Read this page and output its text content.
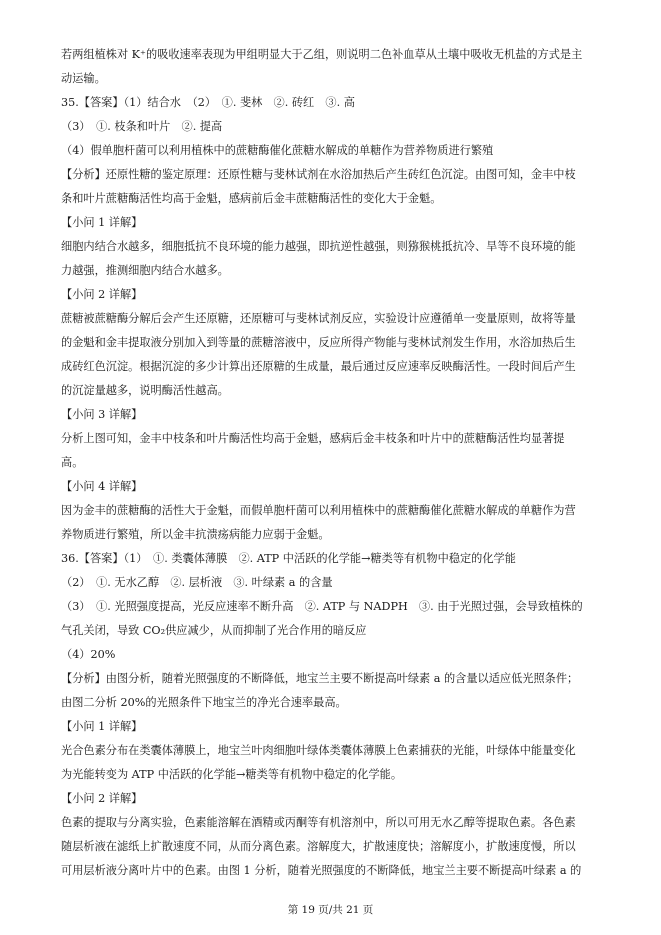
若两组植株对 K⁺的吸收速率表现为甲组明显大于乙组，则说明二色补血草从土壤中吸收无机盐的方式是主
动运输。
35.【答案】（1）结合水　（2）　①. 斐林　②. 砖红　③. 高
（3）　①. 枝条和叶片　②. 提高
（4）假单胞杆菌可以利用植株中的蔗糖酶催化蔗糖水解成的单糖作为营养物质进行繁殖
【分析】还原性糖的鉴定原理：还原性糖与斐林试剂在水浴加热后产生砖红色沉淀。由图可知，金丰中枝
条和叶片蔗糖酶活性均高于金魁，感病前后金丰蔗糖酶活性的变化大于金魁。
【小问 1 详解】
细胞内结合水越多，细胞抵抗不良环境的能力越强，即抗逆性越强，则猕猴桃抵抗冷、旱等不良环境的能
力越强，推测细胞内结合水越多。
【小问 2 详解】
蔗糖被蔗糖酶分解后会产生还原糖，还原糖可与斐林试剂反应，实验设计应遵循单一变量原则，故将等量
的金魁和金丰提取液分别加入到等量的蔗糖溶液中，反应所得产物能与斐林试剂发生作用，水浴加热后生
成砖红色沉淀。根据沉淀的多少计算出还原糖的生成量，最后通过反应速率反映酶活性。一段时间后产生
的沉淀量越多，说明酶活性越高。
【小问 3 详解】
分析上图可知，金丰中枝条和叶片酶活性均高于金魁，感病后金丰枝条和叶片中的蔗糖酶活性均显著提
高。
【小问 4 详解】
因为金丰的蔗糖酶的活性大于金魁，而假单胞杆菌可以利用植株中的蔗糖酶催化蔗糖水解成的单糖作为营
养物质进行繁殖，所以金丰抗溃疡病能力应弱于金魁。
36.【答案】（1）　①. 类囊体薄膜　②. ATP 中活跃的化学能→糖类等有机物中稳定的化学能
（2）　①. 无水乙醇　②. 层析液　③. 叶绿素 a 的含量
（3）　①. 光照强度提高，光反应速率不断升高　②. ATP 与 NADPH　③. 由于光照过强，会导致植株的
气孔关闭，导致 CO₂供应减少，从而抑制了光合作用的暗反应
（4）20%
【分析】由图分析，随着光照强度的不断降低，地宝兰主要不断提高叶绿素 a 的含量以适应低光照条件；
由图二分析 20%的光照条件下地宝兰的净光合速率最高。
【小问 1 详解】
光合色素分布在类囊体薄膜上，地宝兰叶肉细胞叶绿体类囊体薄膜上色素捕获的光能，叶绿体中能量变化
为光能转变为 ATP 中活跃的化学能→糖类等有机物中稳定的化学能。
【小问 2 详解】
色素的提取与分离实验，色素能溶解在酒精或丙酮等有机溶剂中，所以可用无水乙醇等提取色素。各色素
随层析液在滤纸上扩散速度不同，从而分离色素。溶解度大，扩散速度快；溶解度小，扩散速度慢，所以
可用层析液分离叶片中的色素。由图 1 分析，随着光照强度的不断降低，地宝兰主要不断提高叶绿素 a 的
第 19 页/共 21 页
